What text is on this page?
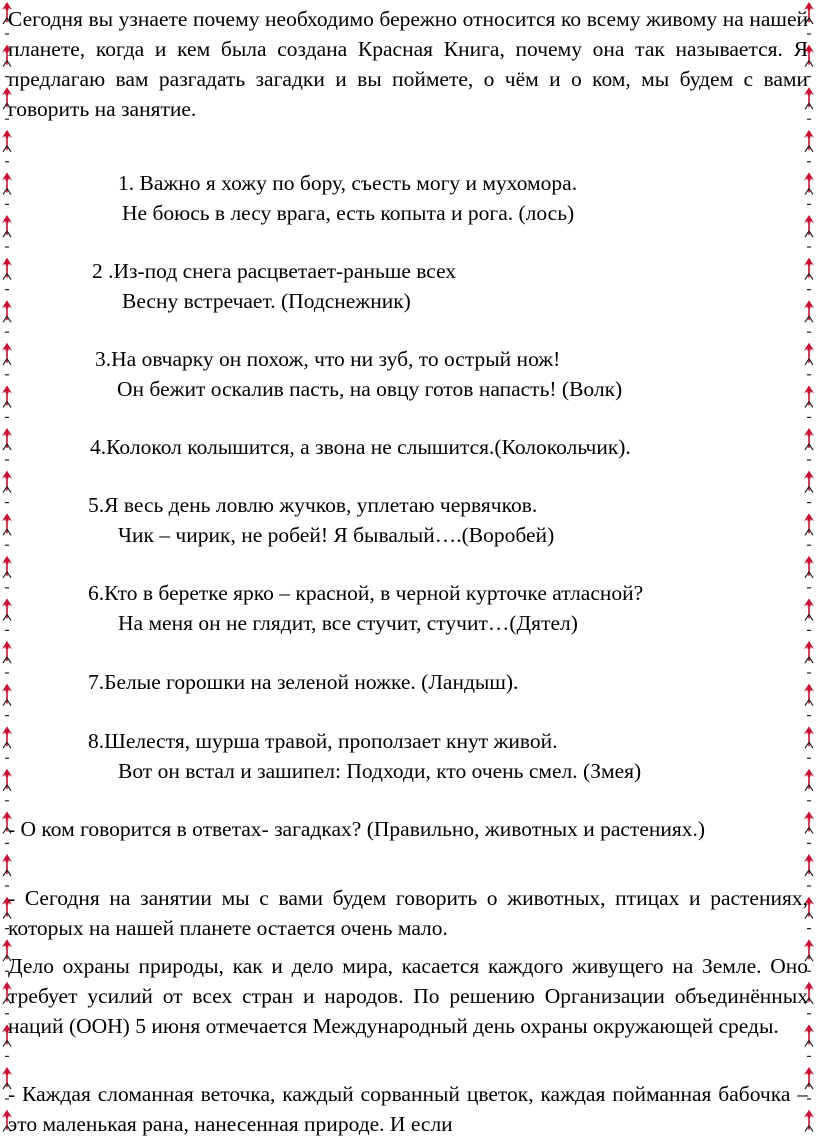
Сегодня вы узнаете почему необходимо бережно относится ко всему живому на нашей планете, когда и кем была создана Красная Книга, почему она так называется. Я предлагаю вам разгадать загадки и вы поймете, о чём и о ком, мы будем с вами говорить на занятие.
1. Важно я хожу по бору, съесть могу и мухомора.
Не боюсь в лесу врага, есть копыта и рога. (лось)
2 .Из-под снега расцветает-раньше всех
Весну встречает. (Подснежник)
3.На овчарку он похож, что ни зуб, то острый нож!
Он бежит оскалив пасть, на овцу готов напасть! (Волк)
4.Колокол колышится, а звона не слышится.(Колокольчик).
5.Я весь день ловлю жучков, уплетаю червячков.
Чик – чирик, не робей! Я бывалый….(Воробей)
6.Кто в беретке ярко – красной, в черной курточке атласной?
На меня он не глядит, все стучит, стучит…(Дятел)
7.Белые горошки на зеленой ножке. (Ландыш).
8.Шелестя, шурша травой, проползает кнут живой.
Вот он встал и зашипел: Подходи, кто очень смел. (Змея)
- О ком говорится в ответах- загадках? (Правильно, животных и растениях.)
- Сегодня на занятии мы с вами будем говорить о животных, птицах и растениях, которых на нашей планете остается очень мало.
Дело охраны природы, как и дело мира, касается каждого живущего на Земле. Оно требует усилий от всех стран и народов. По решению Организации объединённых наций (ООН) 5 июня отмечается Международный день охраны окружающей среды.
- Каждая сломанная веточка, каждый сорванный цветок, каждая пойманная бабочка – это маленькая рана, нанесенная природе. И если
